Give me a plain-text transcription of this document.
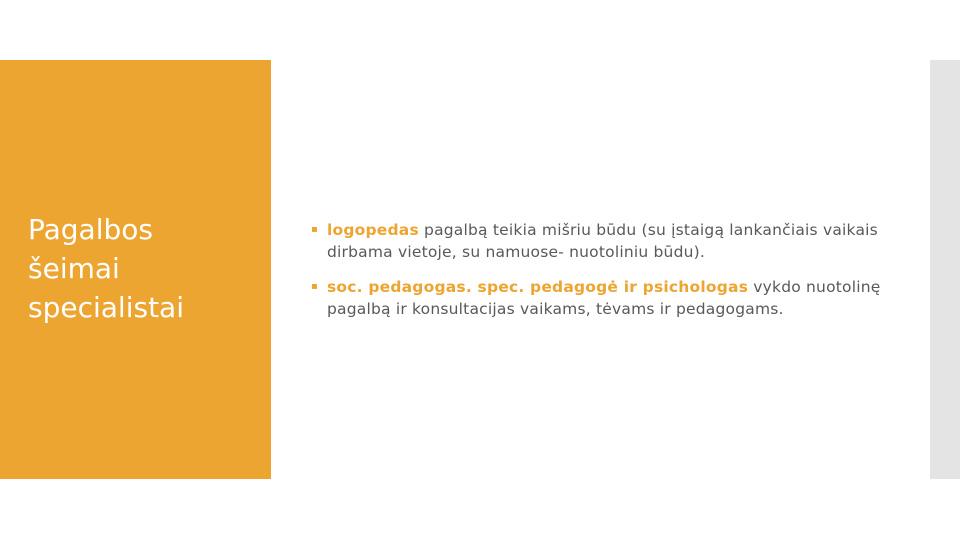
Pagalbos
šeimai
specialistai
▪ logopedas pagalbą teikia mišriu būdu (su įstaigą lankančiais vaikais dirbama vietoje, su namuose- nuotoliniu būdu).
▪ soc. pedagogas. spec. pedagogė ir psichologas vykdo nuotolinę pagalbą ir konsultacijas vaikams, tėvams ir pedagogams.
